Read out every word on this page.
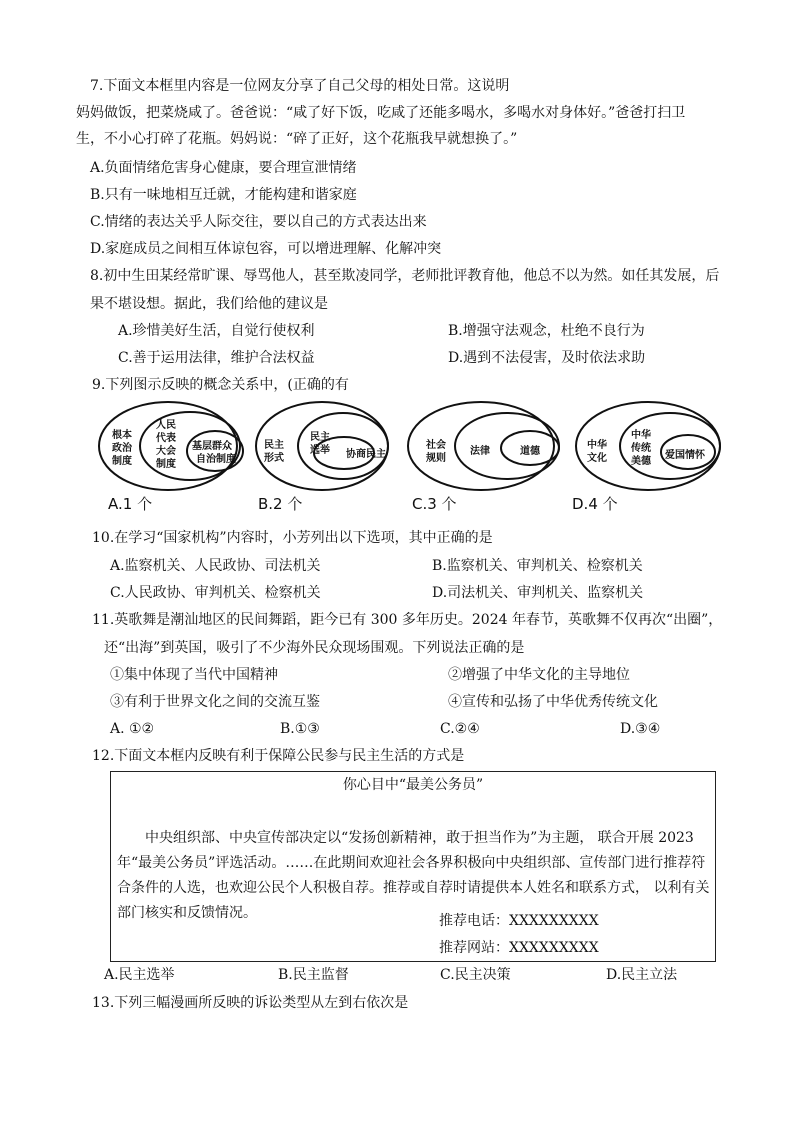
7.下面文本框里内容是一位网友分享了自己父母的相处日常。这说明
妈妈做饭，把菜烧咸了。爸爸说：“咸了好下饭，吃咸了还能多喝水，多喝水对身体好。”爸爸打扫卫
生，不小心打碎了花瓶。妈妈说：“碎了正好，这个花瓶我早就想换了。”
A.负面情绪危害身心健康，要合理宣泄情绪
B.只有一味地相互迁就，才能构建和谐家庭
C.情绪的表达关乎人际交往，要以自己的方式表达出来
D.家庭成员之间相互体谅包容，可以增进理解、化解冲突
8.初中生田某经常旷课、辱骂他人，甚至欺凌同学，老师批评教育他，他总不以为然。如任其发展，后
果不堪设想。据此，我们给他的建议是
A.珍惜美好生活，自觉行使权利	B.增强守法观念，杜绝不良行为
C.善于运用法律，维护合法权益	D.遇到不法侵害，及时依法求助
9.下列图示反映的概念关系中，(正确的有
根本
政治
制度
人民
代表
大会
制度
基层群众
自治制度
民主
形式
民主
选举 协商民主
社会
规则
法律	道德
中华
文化
中华
传统
美德
爱国情怀
A.1 个	B.2 个	C.3 个	D.4 个
10.在学习“国家机构”内容时，小芳列出以下选项，其中正确的是
A.监察机关、人民政协、司法机关	B.监察机关、审判机关、检察机关
C.人民政协、审判机关、检察机关	D.司法机关、审判机关、监察机关
11.英歌舞是潮汕地区的民间舞蹈，距今已有 300 多年历史。2024 年春节，英歌舞不仅再次“出圈”，
还“出海”到英国，吸引了不少海外民众现场围观。下列说法正确的是
①集中体现了当代中国精神	②增强了中华文化的主导地位
③有利于世界文化之间的交流互鉴	④宣传和弘扬了中华优秀传统文化
A. ①②	B.①③	C.②④	D.③④
12.下面文本框内反映有利于保障公民参与民主生活的方式是
你心目中“最美公务员”
中央组织部、中央宣传部决定以“发扬创新精神，敢于担当作为”为主题， 联合开展 2023
年“最美公务员”评选活动。……在此期间欢迎社会各界积极向中央组织部、宣传部门进行推荐符
合条件的人选，也欢迎公民个人积极自荐。推荐或自荐时请提供本人姓名和联系方式， 以利有关
部门核实和反馈情况。	推荐电话：XXXXXXXXX
推荐网站：XXXXXXXXX
A.民主选举	B.民主监督	C.民主决策	D.民主立法
13.下列三幅漫画所反映的诉讼类型从左到右依次是
